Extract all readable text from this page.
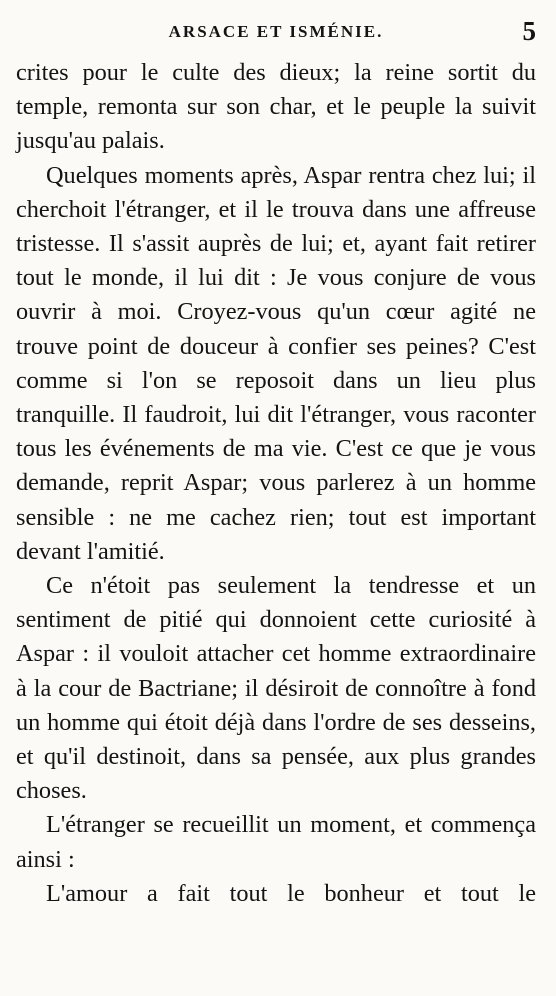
ARSACE ET ISMÉNIE.	5

crites pour le culte des dieux; la reine sortit du temple, remonta sur son char, et le peuple la suivit jusqu'au palais.

Quelques moments après, Aspar rentra chez lui; il cherchoit l'étranger, et il le trouva dans une affreuse tristesse. Il s'assit auprès de lui; et, ayant fait retirer tout le monde, il lui dit : Je vous conjure de vous ouvrir à moi. Croyez-vous qu'un cœur agité ne trouve point de douceur à confier ses peines? C'est comme si l'on se reposoit dans un lieu plus tranquille. Il faudroit, lui dit l'étranger, vous raconter tous les événements de ma vie. C'est ce que je vous demande, reprit Aspar; vous parlerez à un homme sensible : ne me cachez rien; tout est important devant l'amitié.

Ce n'étoit pas seulement la tendresse et un sentiment de pitié qui donnoient cette curiosité à Aspar : il vouloit attacher cet homme extraordinaire à la cour de Bactriane; il désiroit de connoître à fond un homme qui étoit déjà dans l'ordre de ses desseins, et qu'il destinoit, dans sa pensée, aux plus grandes choses.

L'étranger se recueillit un moment, et commença ainsi :

L'amour a fait tout le bonheur et tout le
